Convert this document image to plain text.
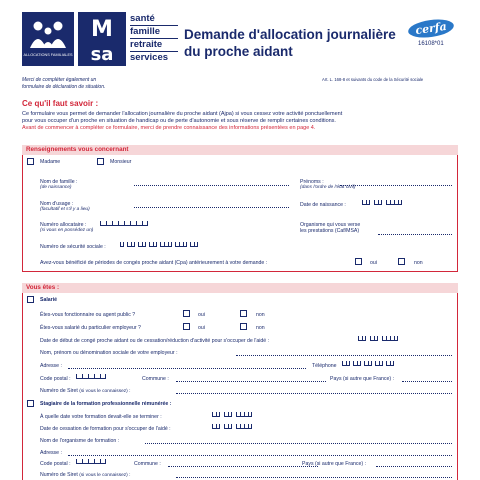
ALLOCATIONS FAMILIALES
M
sa
santé
famille
retraite
services
Demande d'allocation journalière
du proche aidant
cerfa
16108*01
Merci de compléter également un
formulaire de déclaration de situation.
Art. L. 168-8 et suivants du code de la Sécurité sociale
Ce qu'il faut savoir :
Ce formulaire vous permet de demander l'allocation journalière du proche aidant (Ajpa) si vous cessez votre activité ponctuellement
pour vous occuper d'un proche en situation de handicap ou de perte d'autonomie et sous réserve de remplir certaines conditions.
Avant de commencer à compléter ce formulaire, merci de prendre connaissance des informations présentées en page 4.
Renseignements vous concernant
Madame	Monsieur
Nom de famille :
(de naissance)
Prénoms :
(dans l'ordre de l'état civil)
Nom d'usage :
(facultatif et s'il y a lieu)
Date de naissance :
Numéro allocataire :
(si vous en possédez un)
Organisme qui vous verse
les prestations (Caf/MSA)
Numéro de sécurité sociale :
Avez-vous bénéficié de périodes de congés proche aidant (Cpa) antérieurement à votre demande :	oui	non
Vous êtes :
Salarié
Êtes-vous fonctionnaire ou agent public ?	oui	non
Êtes-vous salarié du particulier employeur ?	oui	non
Date de début de congé proche aidant ou de cessation/réduction d'activité pour s'occuper de l'aidé :
Nom, prénom ou dénomination sociale de votre employeur :
Adresse :	Téléphone
Code postal :	Commune :	Pays (si autre que France) :
Numéro de Siret (si vous le connaissez) :
Stagiaire de la formation professionnelle rémunérée :
À quelle date votre formation devait-elle se terminer :
Date de cessation de formation pour s'occuper de l'aidé :
Nom de l'organisme de formation :
Adresse :
Code postal :	Commune :	Pays (si autre que France) :
Numéro de Siret (si vous le connaissez) :
